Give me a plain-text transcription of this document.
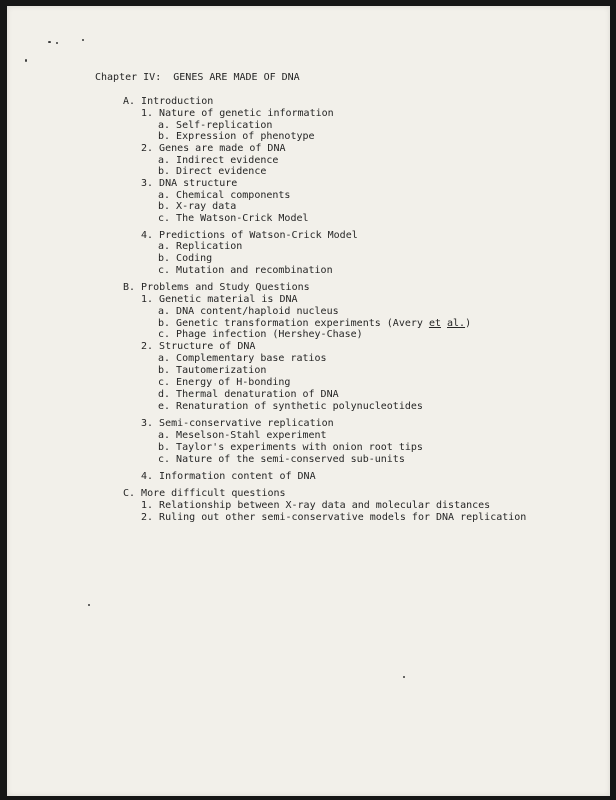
Chapter IV:  GENES ARE MADE OF DNA
A. Introduction
1. Nature of genetic information
a. Self-replication
b. Expression of phenotype
2. Genes are made of DNA
a. Indirect evidence
b. Direct evidence
3. DNA structure
a. Chemical components
b. X-ray data
c. The Watson-Crick Model
4. Predictions of Watson-Crick Model
a. Replication
b. Coding
c. Mutation and recombination
B. Problems and Study Questions
1. Genetic material is DNA
a. DNA content/haploid nucleus
b. Genetic transformation experiments (Avery et al.)
c. Phage infection (Hershey-Chase)
2. Structure of DNA
a. Complementary base ratios
b. Tautomerization
c. Energy of H-bonding
d. Thermal denaturation of DNA
e. Renaturation of synthetic polynucleotides
3. Semi-conservative replication
a. Meselson-Stahl experiment
b. Taylor's experiments with onion root tips
c. Nature of the semi-conserved sub-units
4. Information content of DNA
C. More difficult questions
1. Relationship between X-ray data and molecular distances
2. Ruling out other semi-conservative models for DNA replication
